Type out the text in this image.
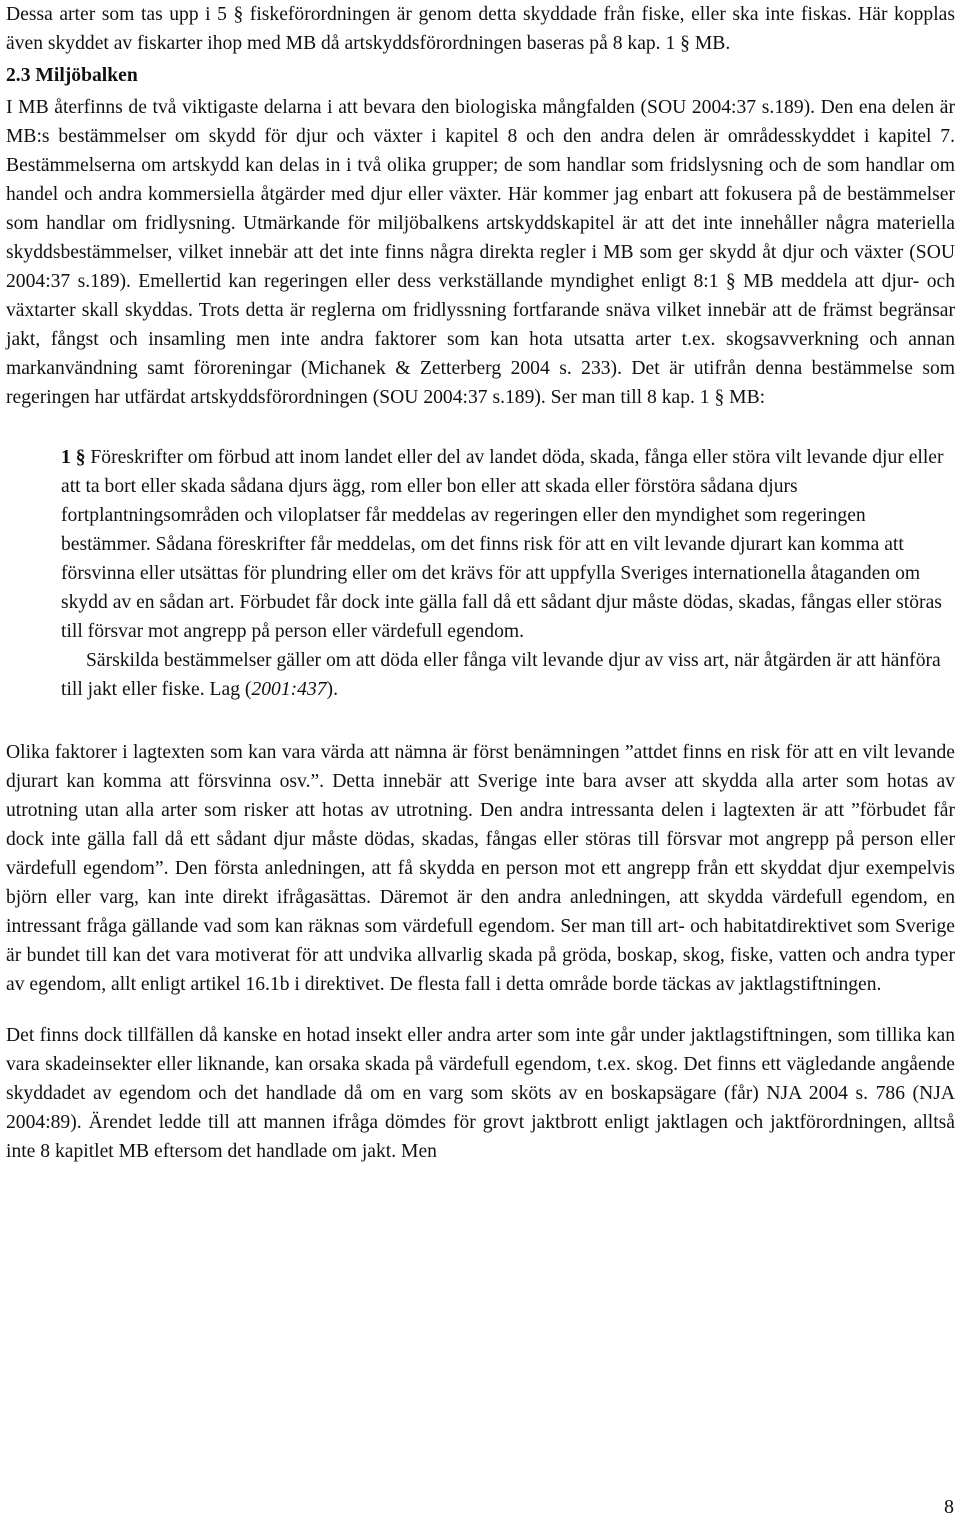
Dessa arter som tas upp i 5 § fiskeförordningen är genom detta skyddade från fiske, eller ska inte fiskas. Här kopplas även skyddet av fiskarter ihop med MB då artskyddsförordningen baseras på 8 kap. 1 § MB.

2.3 Miljöbalken

I MB återfinns de två viktigaste delarna i att bevara den biologiska mångfalden (SOU 2004:37 s.189). Den ena delen är MB:s bestämmelser om skydd för djur och växter i kapitel 8 och den andra delen är områdesskyddet i kapitel 7. Bestämmelserna om artskydd kan delas in i två olika grupper; de som handlar som fridslysning och de som handlar om handel och andra kommersiella åtgärder med djur eller växter. Här kommer jag enbart att fokusera på de bestämmelser som handlar om fridlysning. Utmärkande för miljöbalkens artskyddskapitel är att det inte innehåller några materiella skyddsbestämmelser, vilket innebär att det inte finns några direkta regler i MB som ger skydd åt djur och växter (SOU 2004:37 s.189). Emellertid kan regeringen eller dess verkställande myndighet enligt 8:1 § MB meddela att djur- och växtarter skall skyddas. Trots detta är reglerna om fridlyssning fortfarande snäva vilket innebär att de främst begränsar jakt, fångst och insamling men inte andra faktorer som kan hota utsatta arter t.ex. skogsavverkning och annan markanvändning samt föroreningar (Michanek & Zetterberg 2004 s. 233). Det är utifrån denna bestämmelse som regeringen har utfärdat artskyddsförordningen (SOU 2004:37 s.189). Ser man till 8 kap. 1 § MB:

1 § Föreskrifter om förbud att inom landet eller del av landet döda, skada, fånga eller störa vilt levande djur eller att ta bort eller skada sådana djurs ägg, rom eller bon eller att skada eller förstöra sådana djurs fortplantningsområden och viloplatser får meddelas av regeringen eller den myndighet som regeringen bestämmer. Sådana föreskrifter får meddelas, om det finns risk för att en vilt levande djurart kan komma att försvinna eller utsättas för plundring eller om det krävs för att uppfylla Sveriges internationella åtaganden om skydd av en sådan art. Förbudet får dock inte gälla fall då ett sådant djur måste dödas, skadas, fångas eller störas till försvar mot angrepp på person eller värdefull egendom.

Särskilda bestämmelser gäller om att döda eller fånga vilt levande djur av viss art, när åtgärden är att hänföra till jakt eller fiske. Lag (2001:437).

Olika faktorer i lagtexten som kan vara värda att nämna är först benämningen ”attdet finns en risk för att en vilt levande djurart kan komma att försvinna osv.”. Detta innebär att Sverige inte bara avser att skydda alla arter som hotas av utrotning utan alla arter som risker att hotas av utrotning. Den andra intressanta delen i lagtexten är att ”förbudet får dock inte gälla fall då ett sådant djur måste dödas, skadas, fångas eller störas till försvar mot angrepp på person eller värdefull egendom”. Den första anledningen, att få skydda en person mot ett angrepp från ett skyddat djur exempelvis björn eller varg, kan inte direkt ifrågasättas. Däremot är den andra anledningen, att skydda värdefull egendom, en intressant fråga gällande vad som kan räknas som värdefull egendom. Ser man till art- och habitatdirektivet som Sverige är bundet till kan det vara motiverat för att undvika allvarlig skada på gröda, boskap, skog, fiske, vatten och andra typer av egendom, allt enligt artikel 16.1b i direktivet. De flesta fall i detta område borde täckas av jaktlagstiftningen.

Det finns dock tillfällen då kanske en hotad insekt eller andra arter som inte går under jaktlagstiftningen, som tillika kan vara skadeinsekter eller liknande, kan orsaka skada på värdefull egendom, t.ex. skog. Det finns ett vägledande angående skyddadet av egendom och det handlade då om en varg som sköts av en boskapsägare (får) NJA 2004 s. 786 (NJA 2004:89). Ärendet ledde till att mannen ifråga dömdes för grovt jaktbrott enligt jaktlagen och jaktförordningen, alltså inte 8 kapitlet MB eftersom det handlade om jakt. Men

8
